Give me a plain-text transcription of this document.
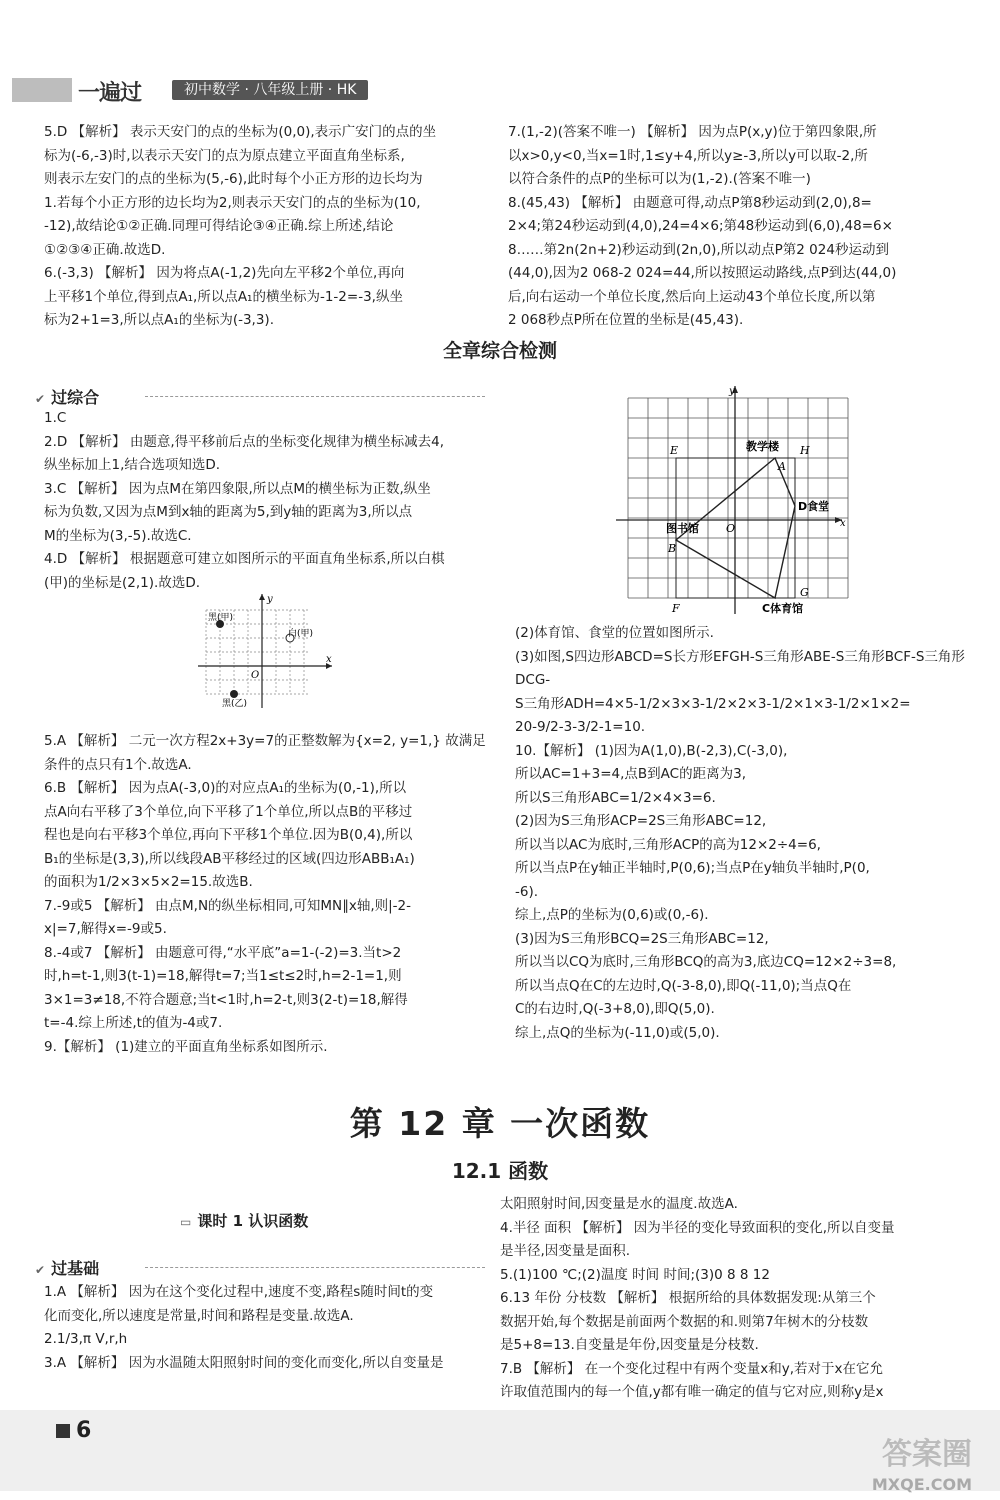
一遍过	初中数学 · 八年级上册 · HK

5.D 【解析】 表示天安门的点的坐标为(0,0),表示广安门的点的坐

标为(-6,-3)时,以表示天安门的点为原点建立平面直角坐标系,

则表示左安门的点的坐标为(5,-6),此时每个小正方形的边长均为

1.若每个小正方形的边长均为2,则表示天安门的点的坐标为(10,

-12),故结论①②正确.同理可得结论③④正确.综上所述,结论

①②③④正确.故选D.

6.(-3,3) 【解析】 因为将点A(-1,2)先向左平移2个单位,再向

上平移1个单位,得到点A₁,所以点A₁的横坐标为-1-2=-3,纵坐

标为2+1=3,所以点A₁的坐标为(-3,3).

7.(1,-2)(答案不唯一) 【解析】 因为点P(x,y)位于第四象限,所

以x>0,y<0,当x=1时,1≤y+4,所以y≥-3,所以y可以取-2,所

以符合条件的点P的坐标可以为(1,-2).(答案不唯一)

8.(45,43) 【解析】 由题意可得,动点P第8秒运动到(2,0),8=

2×4;第24秒运动到(4,0),24=4×6;第48秒运动到(6,0),48=6×

8……第2n(2n+2)秒运动到(2n,0),所以动点P第2 024秒运动到

(44,0),因为2 068-2 024=44,所以按照运动路线,点P到达(44,0)

后,向右运动一个单位长度,然后向上运动43个单位长度,所以第

2 068秒点P所在位置的坐标是(45,43).

全章综合检测
✔ 过综合

1.C

2.D 【解析】 由题意,得平移前后点的坐标变化规律为横坐标减去4,

纵坐标加上1,结合选项知选D.

3.C 【解析】 因为点M在第四象限,所以点M的横坐标为正数,纵坐

标为负数,又因为点M到x轴的距离为5,到y轴的距离为3,所以点

M的坐标为(3,-5).故选C.

4.D 【解析】 根据题意可建立如图所示的平面直角坐标系,所以白棋

(甲)的坐标是(2,1).故选D.

黑(甲)
白(甲)
黑(乙)
O
x
y

5.A 【解析】 二元一次方程2x+3y=7的正整数解为{x=2, y=1,} 故满足

条件的点只有1个.故选A.

6.B 【解析】 因为点A(-3,0)的对应点A₁的坐标为(0,-1),所以

点A向右平移了3个单位,向下平移了1个单位,所以点B的平移过

程也是向右平移3个单位,再向下平移1个单位.因为B(0,4),所以

B₁的坐标是(3,3),所以线段AB平移经过的区域(四边形ABB₁A₁)

的面积为1/2×3×5×2=15.故选B.

7.-9或5 【解析】 由点M,N的纵坐标相同,可知MN∥x轴,则|-2-

x|=7,解得x=-9或5.

8.-4或7 【解析】 由题意可得,“水平底”a=1-(-2)=3.当t>2

时,h=t-1,则3(t-1)=18,解得t=7;当1≤t≤2时,h=2-1=1,则

3×1=3≠18,不符合题意;当t<1时,h=2-t,则3(2-t)=18,解得

t=-4.综上所述,t的值为-4或7.

9.【解析】 (1)建立的平面直角坐标系如图所示.

x
y
E	H
教学楼
A
D食堂
图书馆 O
B
F	C体育馆
G

(2)体育馆、食堂的位置如图所示.

(3)如图,S四边形ABCD=S长方形EFGH-S三角形ABE-S三角形BCF-S三角形DCG-

S三角形ADH=4×5-1/2×3×3-1/2×2×3-1/2×1×3-1/2×1×2=

20-9/2-3-3/2-1=10.

10.【解析】 (1)因为A(1,0),B(-2,3),C(-3,0),

所以AC=1+3=4,点B到AC的距离为3,

所以S三角形ABC=1/2×4×3=6.

(2)因为S三角形ACP=2S三角形ABC=12,

所以当以AC为底时,三角形ACP的高为12×2÷4=6,

所以当点P在y轴正半轴时,P(0,6);当点P在y轴负半轴时,P(0,

-6).

综上,点P的坐标为(0,6)或(0,-6).

(3)因为S三角形BCQ=2S三角形ABC=12,

所以当以CQ为底时,三角形BCQ的高为3,底边CQ=12×2÷3=8,

所以当点Q在C的左边时,Q(-3-8,0),即Q(-11,0);当点Q在

C的右边时,Q(-3+8,0),即Q(5,0).

综上,点Q的坐标为(-11,0)或(5,0).

第 12 章 一次函数
12.1 函数
▭ 课时 1 认识函数
✔ 过基础

1.A 【解析】 因为在这个变化过程中,速度不变,路程s随时间t的变

化而变化,所以速度是常量,时间和路程是变量.故选A.

2.1/3,π V,r,h

3.A 【解析】 因为水温随太阳照射时间的变化而变化,所以自变量是

太阳照射时间,因变量是水的温度.故选A.

4.半径 面积 【解析】 因为半径的变化导致面积的变化,所以自变量

是半径,因变量是面积.

5.(1)100 ℃;(2)温度 时间 时间;(3)0 8 8 12

6.13 年份 分枝数 【解析】 根据所给的具体数据发现:从第三个

数据开始,每个数据是前面两个数据的和.则第7年树木的分枝数

是5+8=13.自变量是年份,因变量是分枝数.

7.B 【解析】 在一个变化过程中有两个变量x和y,若对于x在它允

许取值范围内的每一个值,y都有唯一确定的值与它对应,则称y是x

6
答案圈
MXQE.COM
